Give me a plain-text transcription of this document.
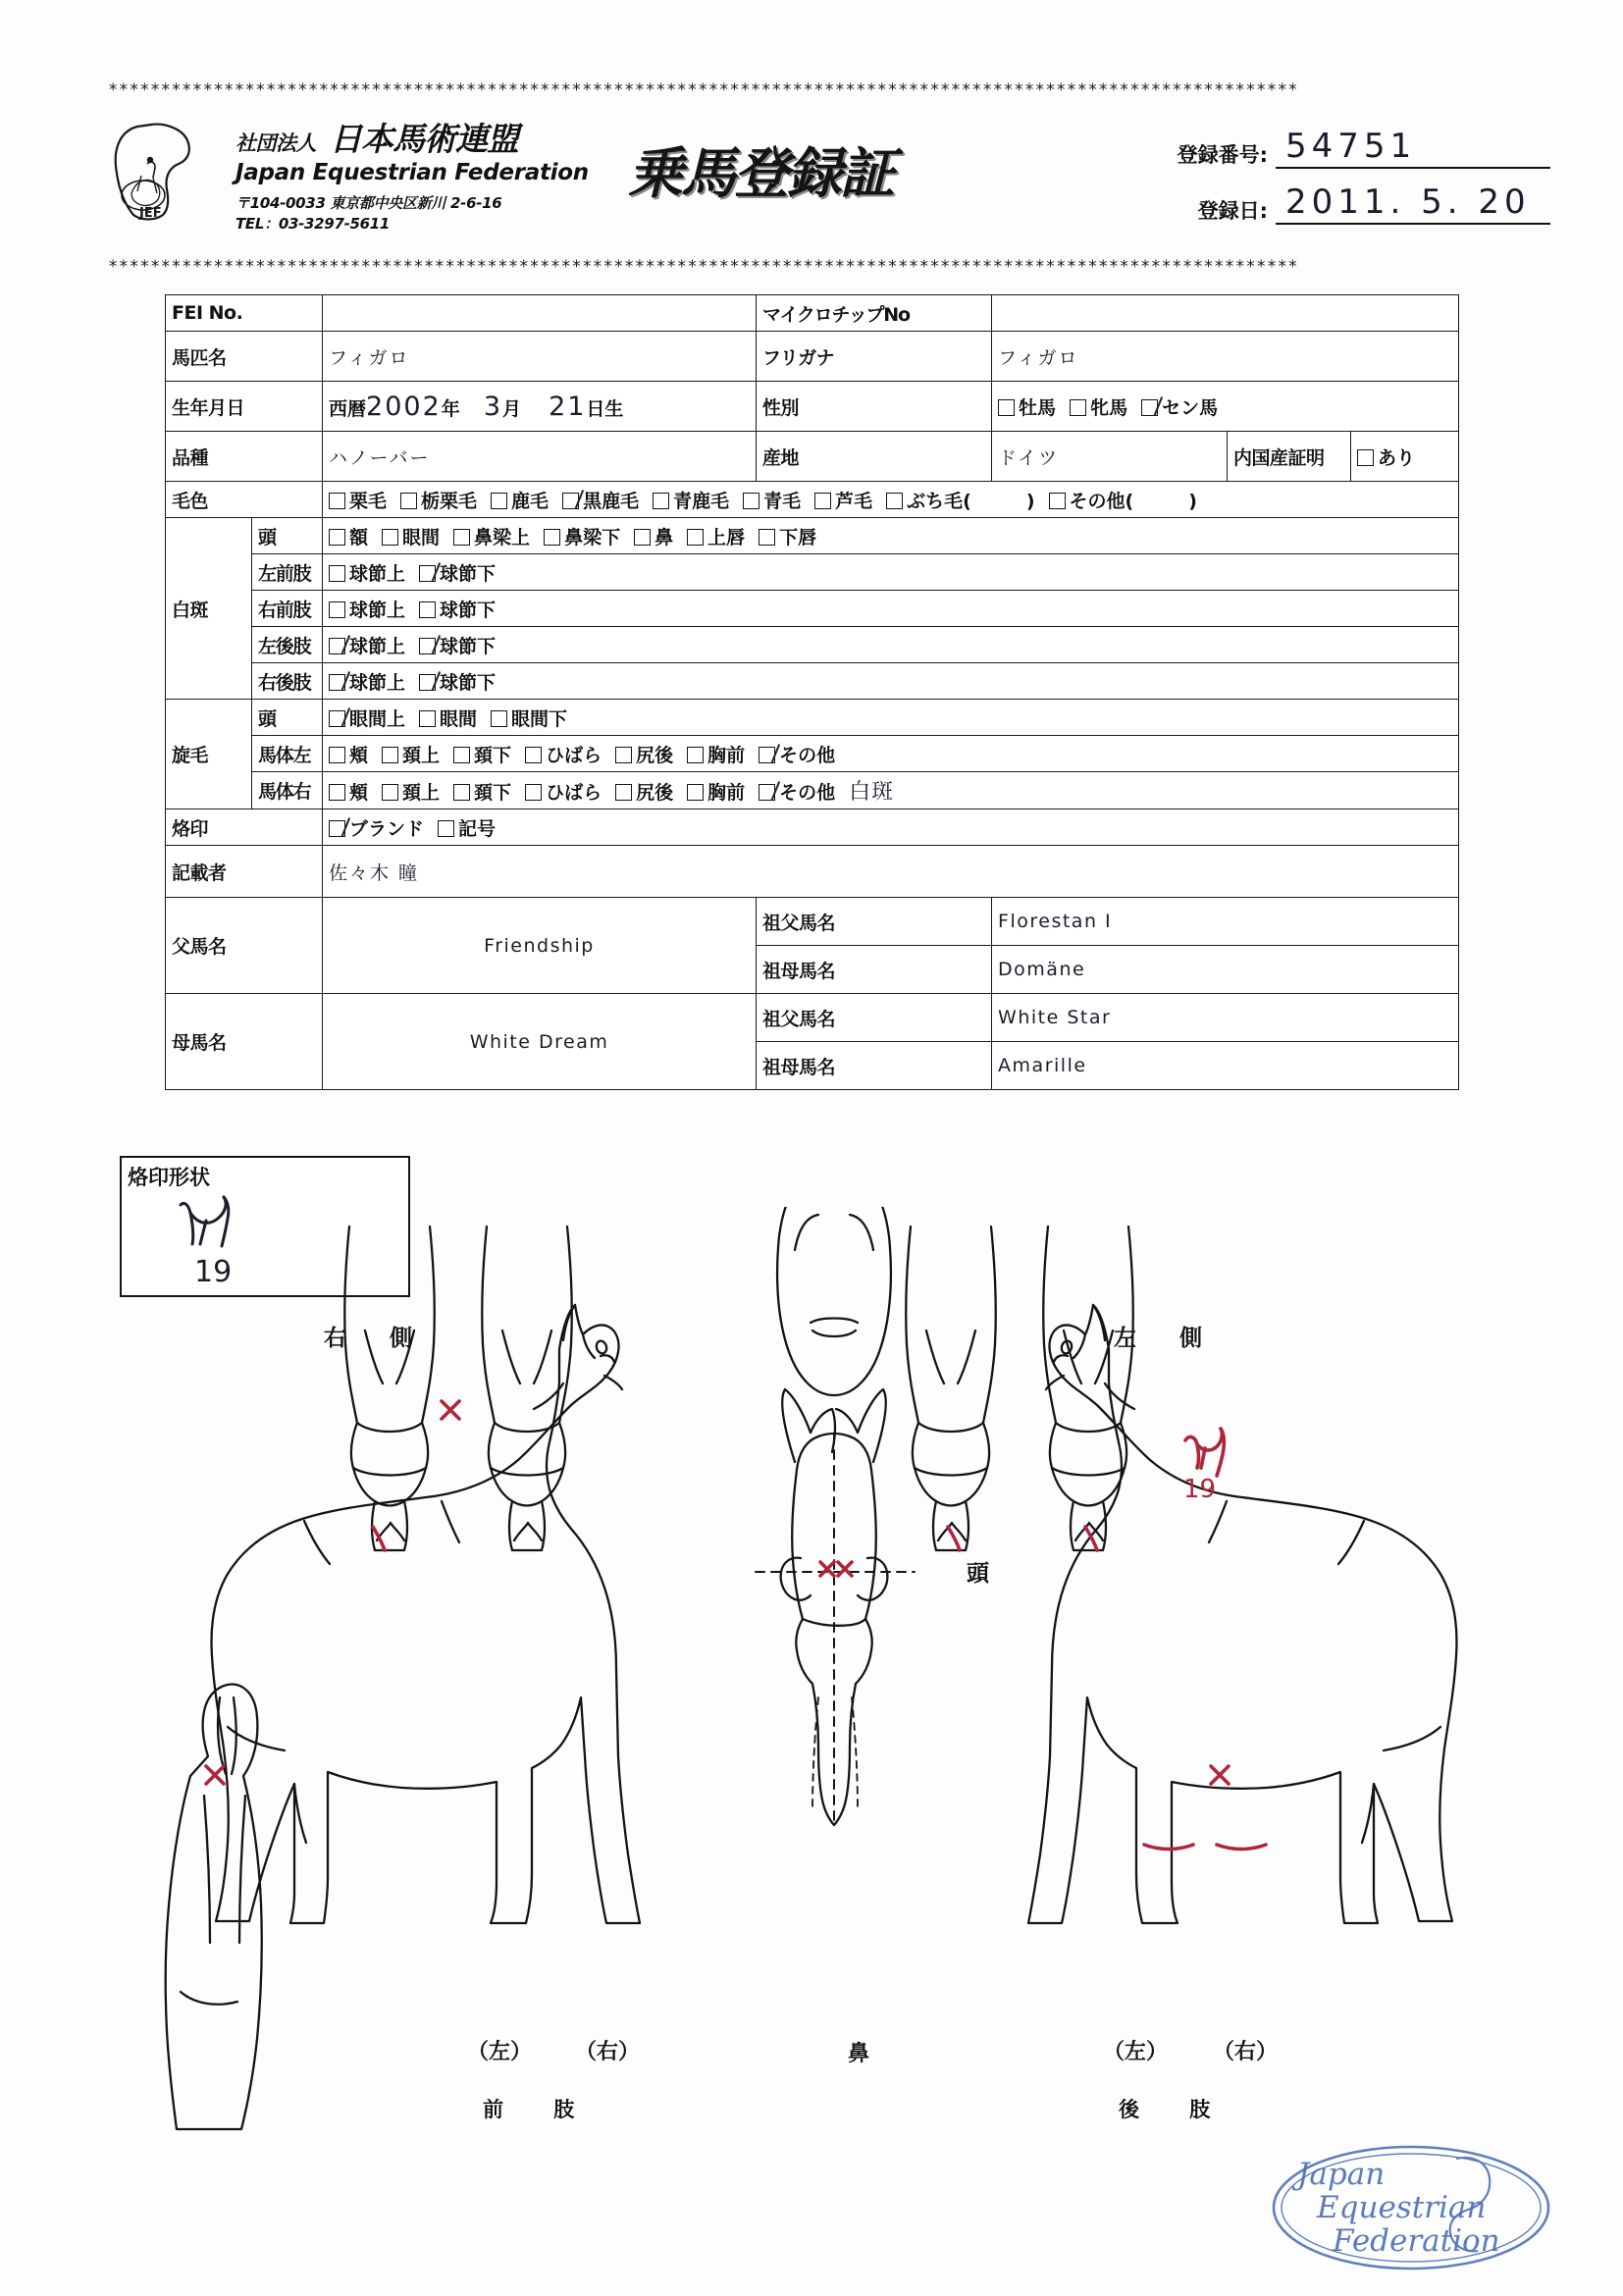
*****************************************************************************************************************
JEF
社団法人 日本馬術連盟
Japan Equestrian Federation
〒104-0033 東京都中央区新川 2-6-16
TEL：03-3297-5611
乗馬登録証	登録番号: 54751
登録日: 2011. 5. 20
*****************************************************************************************************************
FEI No.			マイクロチップNo			
馬匹名		フィガロ	フリガナ	フィガロ		
生年月日		西暦2002年 3月 21日生	性別	牡馬 牝馬 セン馬		
品種		ハノーバー	産地	ドイツ	内国産証明	あり
毛色		栗毛 栃栗毛 鹿毛 黒鹿毛 青鹿毛 青毛 芦毛 ぶち毛( ) その他( )				
白斑	頭	額 眼間 鼻梁上 鼻梁下 鼻 上唇 下唇				
	左前肢	球節上 球節下				
	右前肢	球節上 球節下				
	左後肢	球節上 球節下				
	右後肢	球節上 球節下				
旋毛	頭	眼間上 眼間 眼間下				
	馬体左	頬 頚上 頚下 ひばら 尻後 胸前 その他				
	馬体右	頬 頚上 頚下 ひばら 尻後 胸前 その他 白斑				
烙印		ブランド 記号				
記載者		佐々木 瞳				
父馬名		Friendship	祖父馬名	Florestan I		
			祖母馬名	Domäne		
母馬名		White Dream	祖父馬名	White Star		
			祖母馬名	Amarille		
烙印形状
19
右 側	左 側
頭
19
（左） （右）
前 肢
鼻	（左） （右）
後 肢
Japan
Equestrian
Federation
